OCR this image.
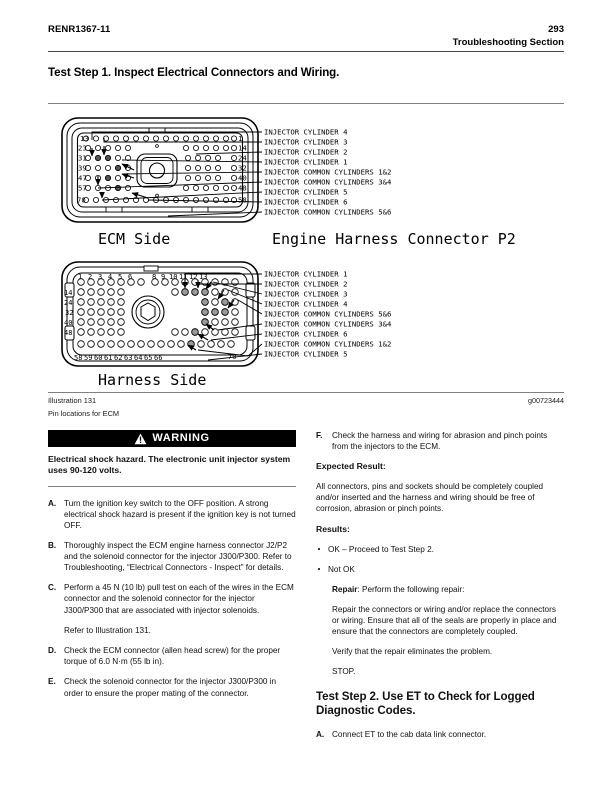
RENR1367-11	293
Troubleshooting Section
Test Step 1. Inspect Electrical Connectors and Wiring.
13
23
31
39
47
57
70
1
14
24
32
40
48
58
INJECTOR CYLINDER 4
INJECTOR CYLINDER 3
INJECTOR CYLINDER 2
INJECTOR CYLINDER 1
INJECTOR COMMON CYLINDERS 1&2
INJECTOR COMMON CYLINDERS 3&4
INJECTOR CYLINDER 5
INJECTOR CYLINDER 6
INJECTOR COMMON CYLINDERS 5&6
ECM Side	Engine Harness Connector P2
1 2 3 4 5 6	8 9 10 11 12 13
14
24
32
40
48
58 59 60 61 62 63 64 65 66	70
INJECTOR CYLINDER 1
INJECTOR CYLINDER 2
INJECTOR CYLINDER 3
INJECTOR CYLINDER 4
INJECTOR COMMON CYLINDERS 5&6
INJECTOR COMMON CYLINDERS 3&4
INJECTOR CYLINDER 6
INJECTOR COMMON CYLINDERS 1&2
INJECTOR CYLINDER 5
Harness Side
Illustration 131
Pin locations for ECM
g00723444
WARNING
Electrical shock hazard. The electronic unit injector system uses 90-120 volts.
A. Turn the ignition key switch to the OFF position. A strong electrical shock hazard is present if the ignition key is not turned OFF.

B. Thoroughly inspect the ECM engine harness connector J2/P2 and the solenoid connector for the injector J300/P300. Refer to Troubleshooting, “Electrical Connectors - Inspect” for details.

C. Perform a 45 N (10 lb) pull test on each of the wires in the ECM connector and the solenoid connector for the injector J300/P300 that are associated with injector solenoids.

Refer to Illustration 131.

D. Check the ECM connector (allen head screw) for the proper torque of 6.0 N·m (55 lb in).

E. Check the solenoid connector for the injector J300/P300 in order to ensure the proper mating of the connector.

F. Check the harness and wiring for abrasion and pinch points from the injectors to the ECM.

Expected Result:

All connectors, pins and sockets should be completely coupled and/or inserted and the harness and wiring should be free of corrosion, abrasion or pinch points.

Results:
OK – Proceed to Test Step 2.
Not OK

Repair: Perform the following repair:

Repair the connectors or wiring and/or replace the connectors or wiring. Ensure that all of the seals are properly in place and ensure that the connectors are completely coupled.

Verify that the repair eliminates the problem.

STOP.

Test Step 2. Use ET to Check for Logged Diagnostic Codes.
A. Connect ET to the cab data link connector.
